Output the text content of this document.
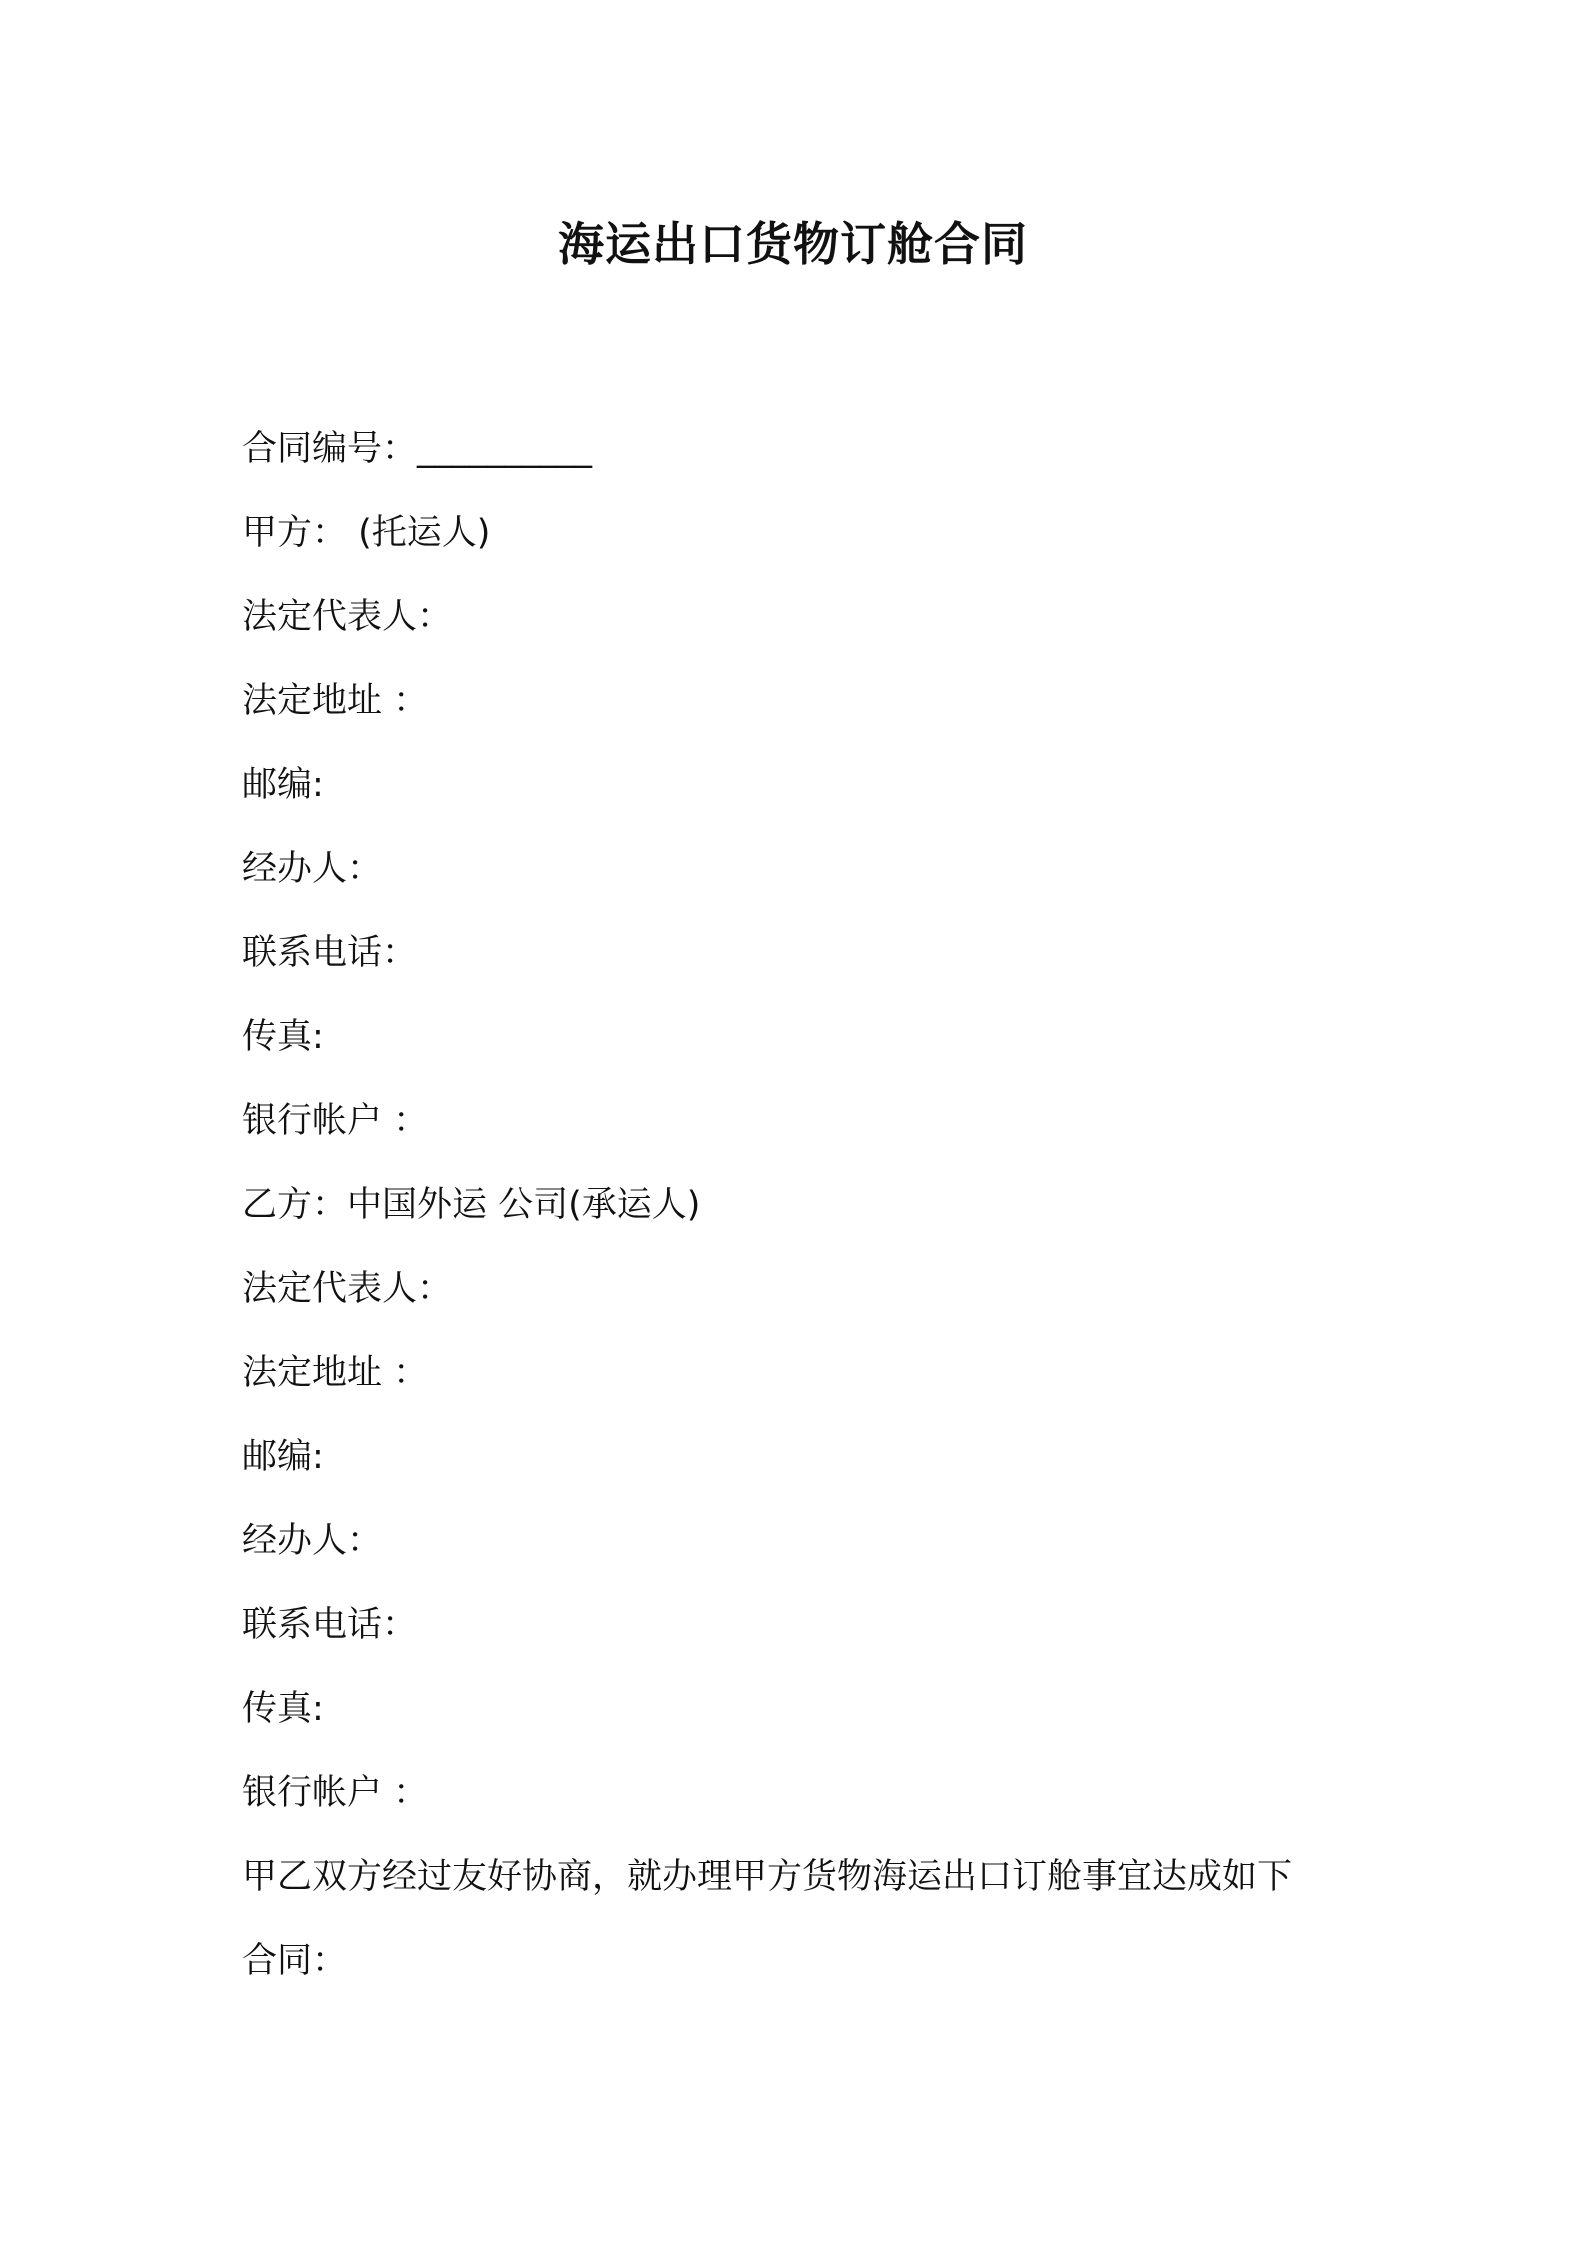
海运出口货物订舱合同
合同编号：__________
甲方： (托运人)
法定代表人：
法定地址 ：
邮编:
经办人：
联系电话：
传真:
银行帐户 ：
乙方：中国外运 公司(承运人)
法定代表人：
法定地址 ：
邮编:
经办人：
联系电话：
传真:
银行帐户 ：
甲乙双方经过友好协商，就办理甲方货物海运出口订舱事宜达成如下
合同：
